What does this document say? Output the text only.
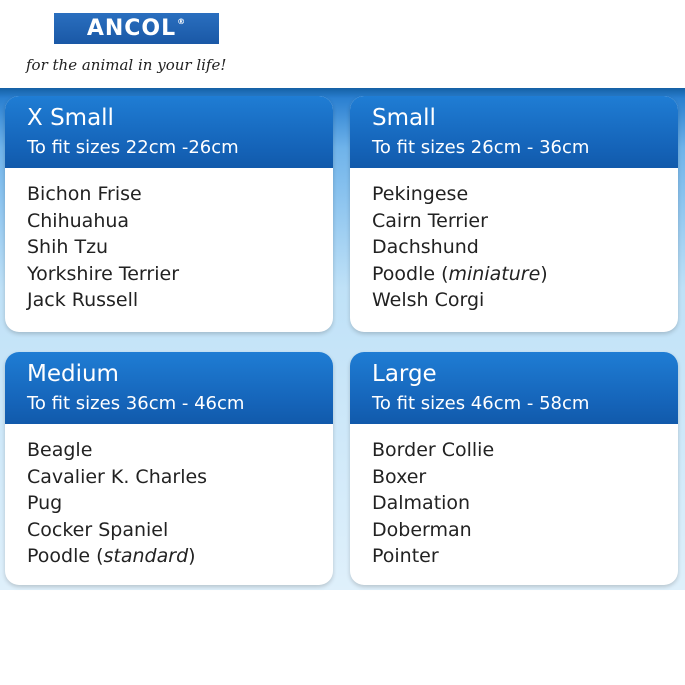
ANCOL ®
for the animal in your life!
X Small
To fit sizes 22cm -26cm
Bichon Frise
Chihuahua
Shih Tzu
Yorkshire Terrier
Jack Russell
Small
To fit sizes 26cm - 36cm
Pekingese
Cairn Terrier
Dachshund
Poodle (miniature)
Welsh Corgi
Medium
To fit sizes 36cm - 46cm
Beagle
Cavalier K. Charles
Pug
Cocker Spaniel
Poodle (standard)
Large
To fit sizes 46cm - 58cm
Border Collie
Boxer
Dalmation
Doberman
Pointer
